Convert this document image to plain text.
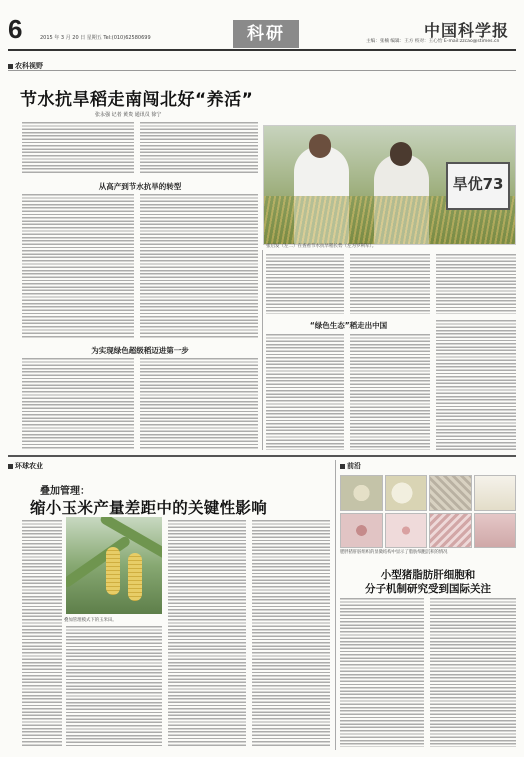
6	2015 年 3 月 20 日 星期五 Tel:(010)62580699	科研	中国科学报
主编：张楠 编辑：王方 校对：王心怡 E-mail:zzcao@stimes.cn
农科视野
节水抗旱稻走南闯北好“养活”
张永强 记者 黄贵 通讯员 徐宁
从高产到节水抗旱的转型	旱优73
张启发（左二）在查看节水抗旱稻长势（左为罗利军）。
“绿色生态”稻走出中国
为实现绿色超级稻迈进第一步
环球农业
叠加管理：
缩小玉米产量差距中的关键性影响
叠加管理模式下的玉米田。
前沿
肥胖猪肝脏组织的显微结构中显示了脂肪细胞沉积的情况
小型猪脂肪肝细胞和
分子机制研究受到国际关注
